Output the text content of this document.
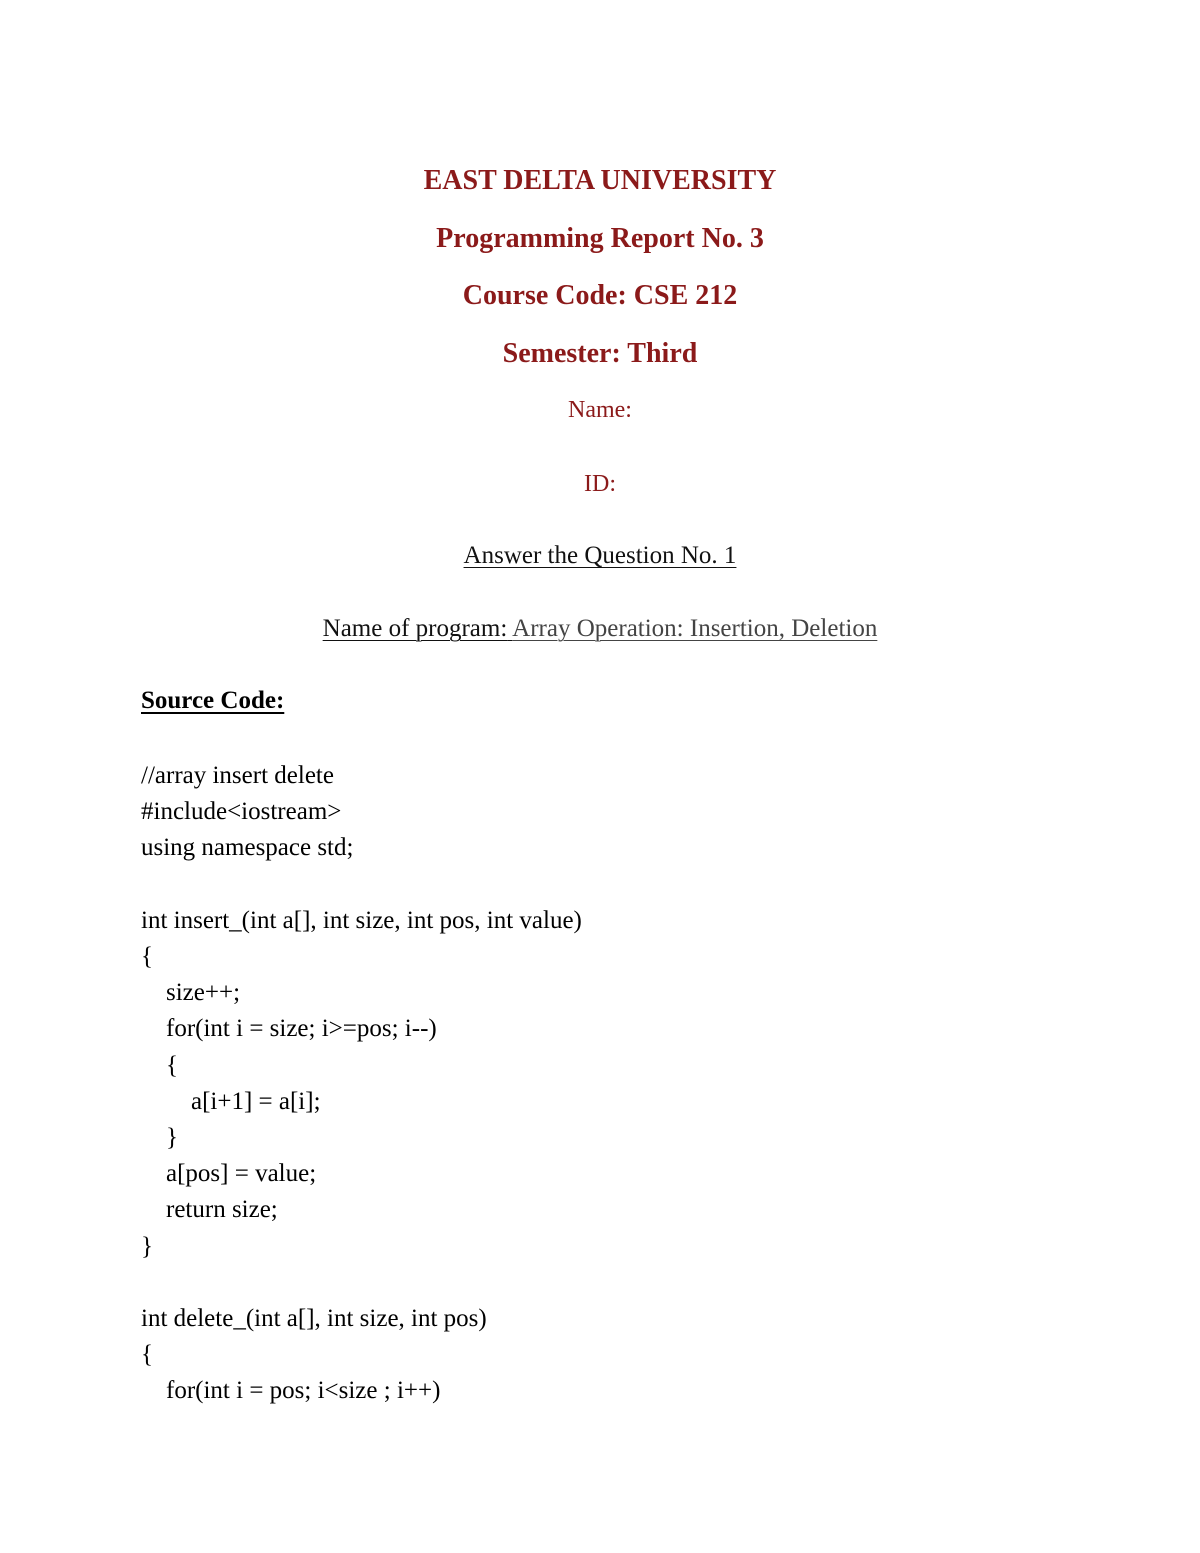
EAST DELTA UNIVERSITY
Programming Report No. 3
Course Code: CSE 212
Semester: Third
Name:
ID:
Answer the Question No. 1
Name of program: Array Operation: Insertion, Deletion
Source Code:
//array insert delete
#include<iostream>
using namespace std;

int insert_(int a[], int size, int pos, int value)
{
size++;
for(int i = size; i>=pos; i--)
{
a[i+1] = a[i];
}
a[pos] = value;
return size;
}

int delete_(int a[], int size, int pos)
{
for(int i = pos; i<size ; i++)
